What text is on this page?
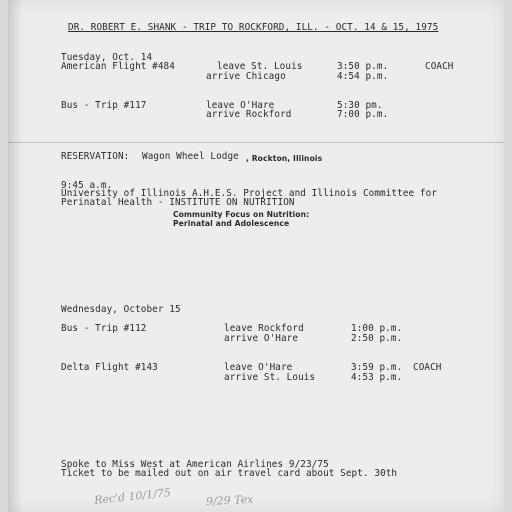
DR. ROBERT E. SHANK - TRIP TO ROCKFORD, ILL. - OCT. 14 & 15, 1975
Tuesday, Oct. 14
American Flight #484	leave St. Louis	3:50 p.m.	COACH
arrive Chicago	4:54 p.m.
Bus - Trip #117	leave O'Hare	5:30 pm.
arrive Rockford	7:00 p.m.
RESERVATION: Wagon Wheel Lodge , Rockton, Illinois
9:45 a.m.
University of Illinois A.H.E.S. Project and Illinois Committee for
Perinatal Health - INSTITUTE ON NUTRITION
Community Focus on Nutrition:
Perinatal and Adolescence
Wednesday, October 15
Bus - Trip #112	leave Rockford	1:00 p.m.
arrive O'Hare	2:50 p.m.
Delta Flight #143	leave O'Hare	3:59 p.m. COACH
arrive St. Louis	4:53 p.m.
Spoke to Miss West at American Airlines 9/23/75
Ticket to be mailed out on air travel card about Sept. 30th
Rec'd 10/1/75	9/29 Tex
